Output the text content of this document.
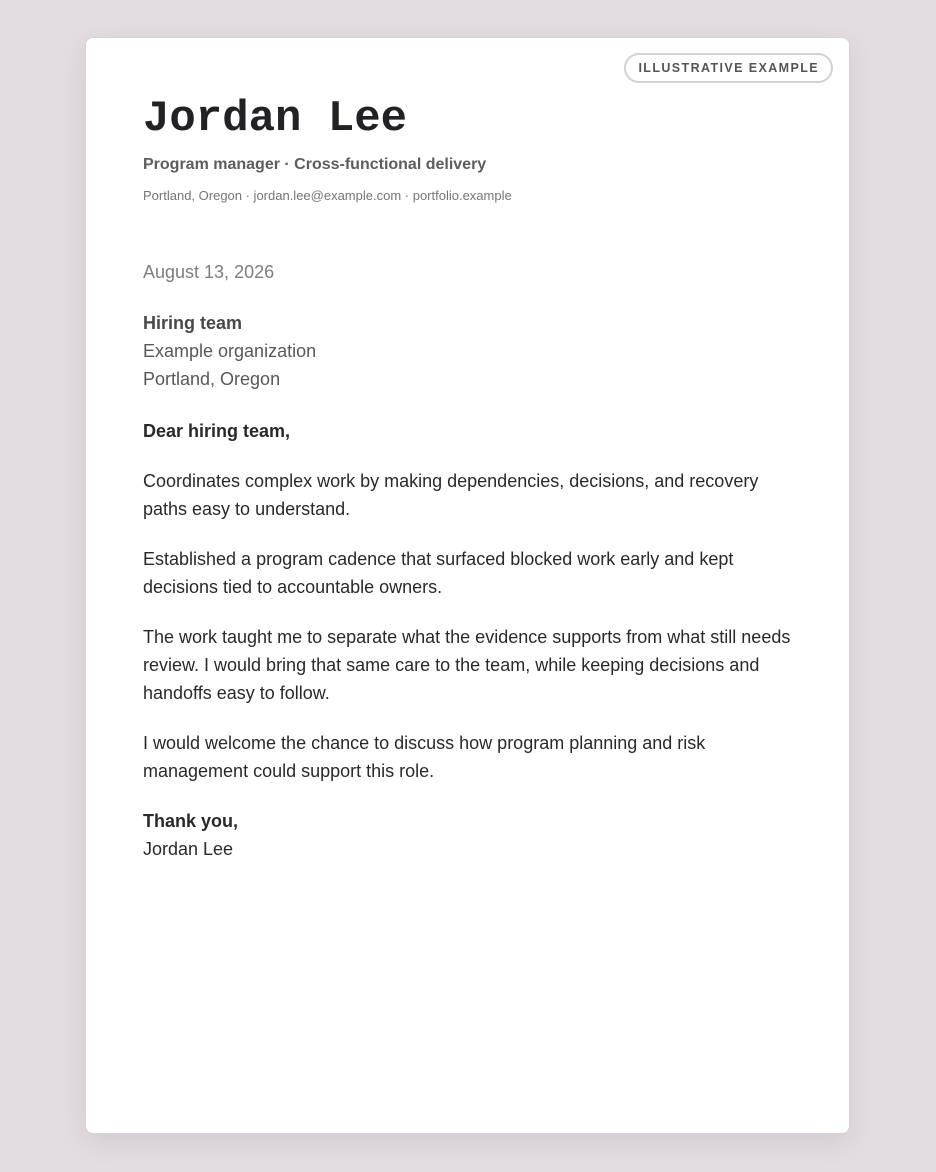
ILLUSTRATIVE EXAMPLE
Jordan Lee
Program manager · Cross-functional delivery
Portland, Oregon · jordan.lee@example.com · portfolio.example
August 13, 2026
Hiring team
Example organization
Portland, Oregon
Dear hiring team,

Coordinates complex work by making dependencies, decisions, and recovery paths easy to understand.

Established a program cadence that surfaced blocked work early and kept decisions tied to accountable owners.

The work taught me to separate what the evidence supports from what still needs review. I would bring that same care to the team, while keeping decisions and handoffs easy to follow.

I would welcome the chance to discuss how program planning and risk management could support this role.

Thank you,
Jordan Lee
